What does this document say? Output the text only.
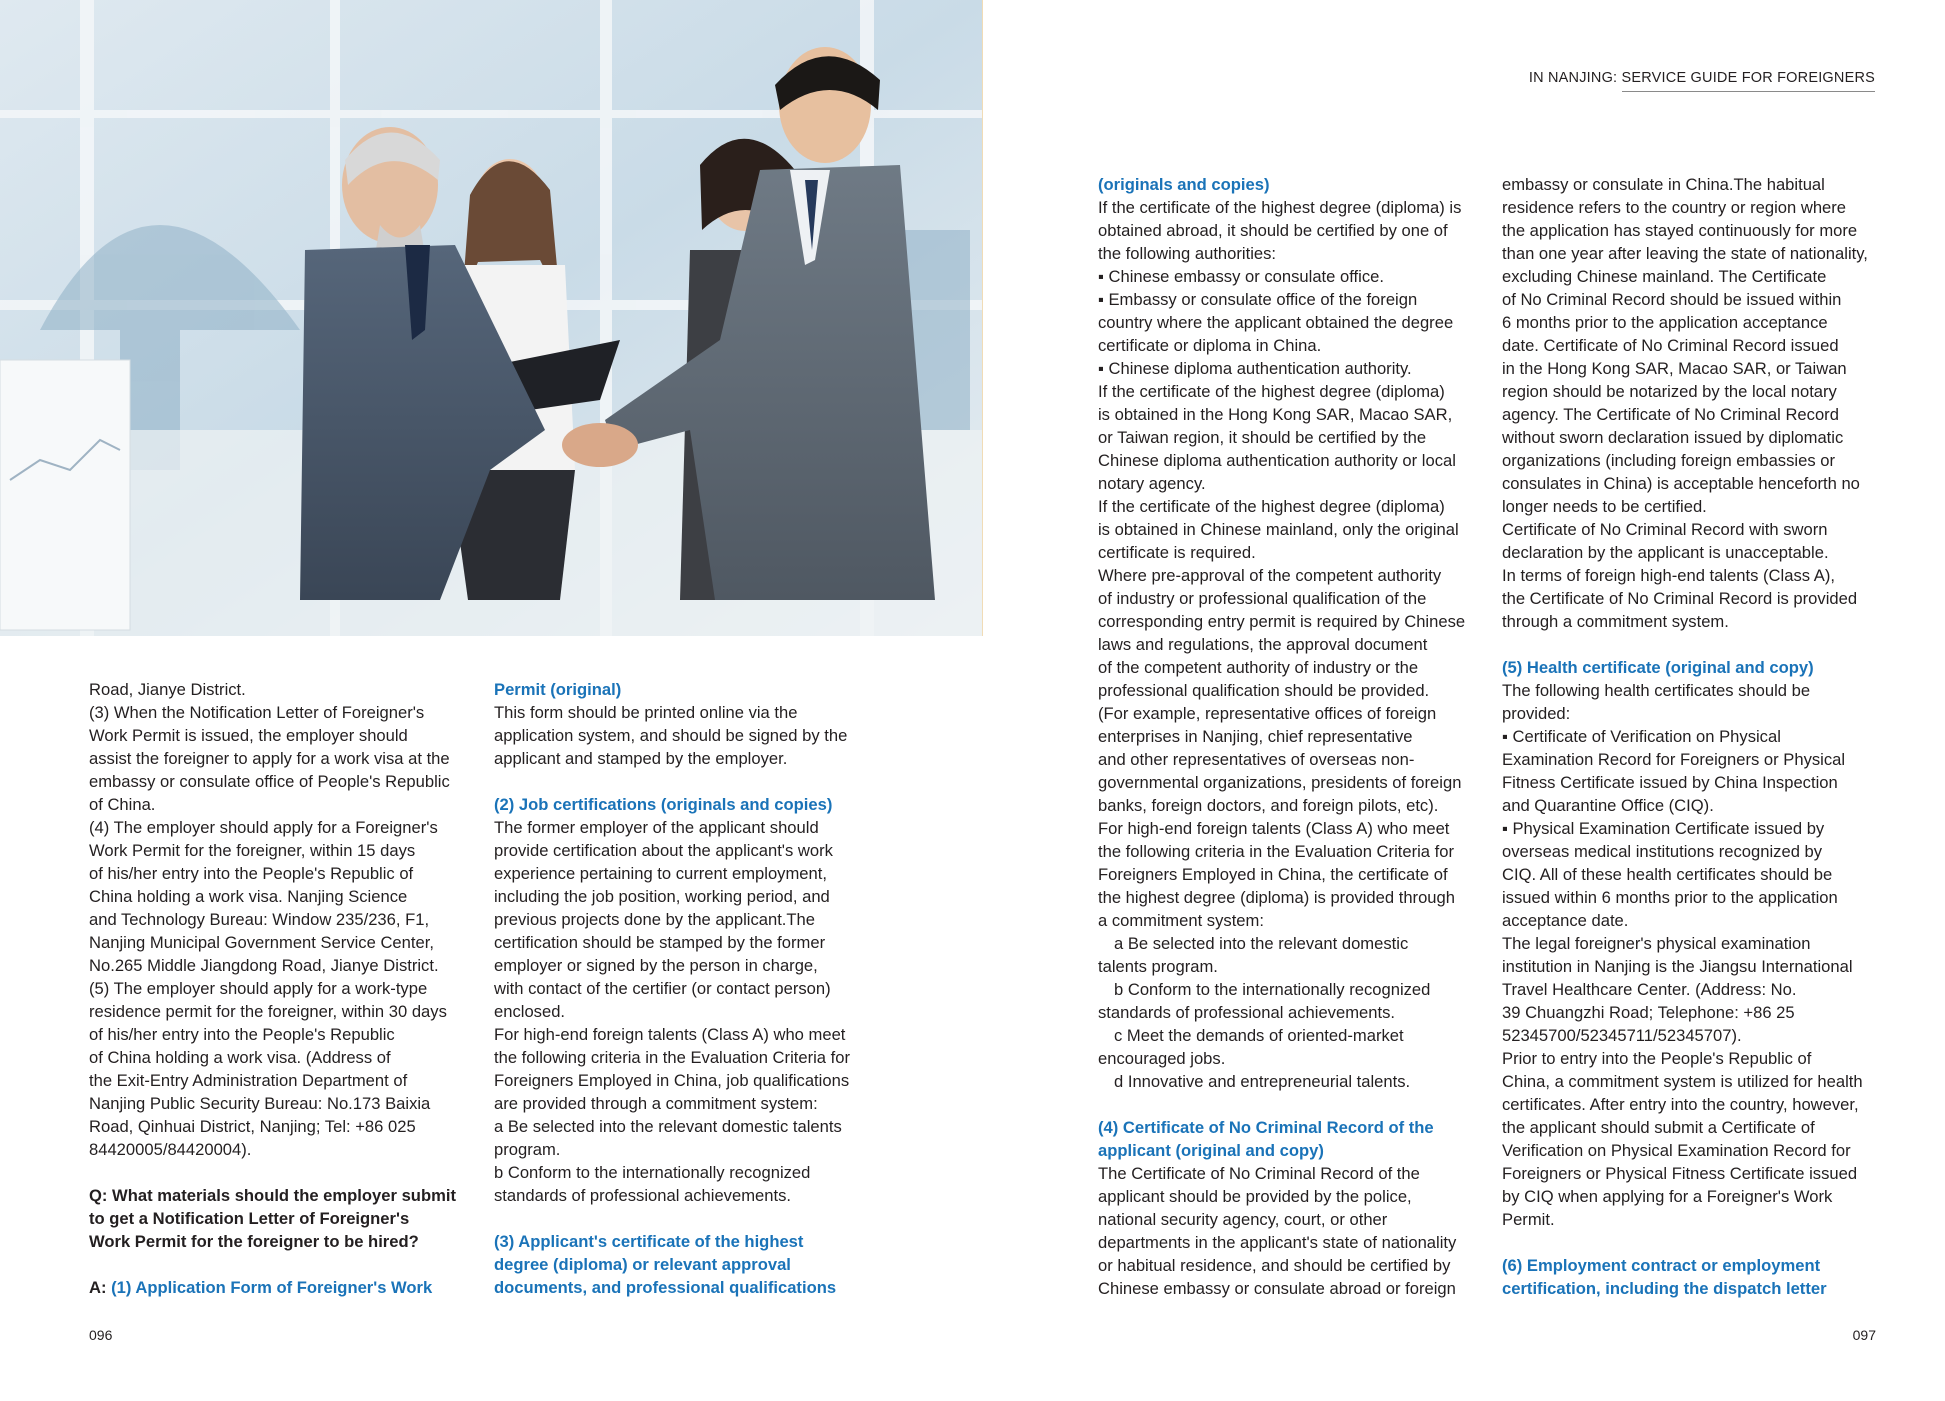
IN NANJING: SERVICE GUIDE FOR FOREIGNERS

Road, Jianye District.

(3) When the Notification Letter of Foreigner's

Work Permit is issued, the employer should

assist the foreigner to apply for a work visa at the

embassy or consulate office of People's Republic

of China.

(4) The employer should apply for a Foreigner's

Work Permit for the foreigner, within 15 days

of his/her entry into the People's Republic of

China holding a work visa. Nanjing Science

and Technology Bureau: Window 235/236, F1,

Nanjing Municipal Government Service Center,

No.265 Middle Jiangdong Road, Jianye District.

(5) The employer should apply for a work-type

residence permit for the foreigner, within 30 days

of his/her entry into the People's Republic

of China holding a work visa. (Address of

the Exit-Entry Administration Department of

Nanjing Public Security Bureau: No.173 Baixia

Road, Qinhuai District, Nanjing; Tel: +86 025

84420005/84420004).

Q: What materials should the employer submit

to get a Notification Letter of Foreigner's

Work Permit for the foreigner to be hired?

A: (1) Application Form of Foreigner's Work

Permit (original)

This form should be printed online via the

application system, and should be signed by the

applicant and stamped by the employer.

(2) Job certifications (originals and copies)

The former employer of the applicant should

provide certification about the applicant's work

experience pertaining to current employment,

including the job position, working period, and

previous projects done by the applicant.The

certification should be stamped by the former

employer or signed by the person in charge,

with contact of the certifier (or contact person)

enclosed.

For high-end foreign talents (Class A) who meet

the following criteria in the Evaluation Criteria for

Foreigners Employed in China, job qualifications

are provided through a commitment system:

a Be selected into the relevant domestic talents

program.

b Conform to the internationally recognized

standards of professional achievements.

(3) Applicant's certificate of the highest

degree (diploma) or relevant approval

documents, and professional qualifications

(originals and copies)

If the certificate of the highest degree (diploma) is

obtained abroad, it should be certified by one of

the following authorities:

▪ Chinese embassy or consulate office.

▪ Embassy or consulate office of the foreign

country where the applicant obtained the degree

certificate or diploma in China.

▪ Chinese diploma authentication authority.

If the certificate of the highest degree (diploma)

is obtained in the Hong Kong SAR, Macao SAR,

or Taiwan region, it should be certified by the

Chinese diploma authentication authority or local

notary agency.

If the certificate of the highest degree (diploma)

is obtained in Chinese mainland, only the original

certificate is required.

Where pre-approval of the competent authority

of industry or professional qualification of the

corresponding entry permit is required by Chinese

laws and regulations, the approval document

of the competent authority of industry or the

professional qualification should be provided.

(For example, representative offices of foreign

enterprises in Nanjing, chief representative

and other representatives of overseas non-

governmental organizations, presidents of foreign

banks, foreign doctors, and foreign pilots, etc).

For high-end foreign talents (Class A) who meet

the following criteria in the Evaluation Criteria for

Foreigners Employed in China, the certificate of

the highest degree (diploma) is provided through

a commitment system:

a Be selected into the relevant domestic

talents program.

b Conform to the internationally recognized

standards of professional achievements.

c Meet the demands of oriented-market

encouraged jobs.

d Innovative and entrepreneurial talents.

(4) Certificate of No Criminal Record of the

applicant (original and copy)

The Certificate of No Criminal Record of the

applicant should be provided by the police,

national security agency, court, or other

departments in the applicant's state of nationality

or habitual residence, and should be certified by

Chinese embassy or consulate abroad or foreign

embassy or consulate in China.The habitual

residence refers to the country or region where

the application has stayed continuously for more

than one year after leaving the state of nationality,

excluding Chinese mainland. The Certificate

of No Criminal Record should be issued within

6 months prior to the application acceptance

date. Certificate of No Criminal Record issued

in the Hong Kong SAR, Macao SAR, or Taiwan

region should be notarized by the local notary

agency. The Certificate of No Criminal Record

without sworn declaration issued by diplomatic

organizations (including foreign embassies or

consulates in China) is acceptable henceforth no

longer needs to be certified.

Certificate of No Criminal Record with sworn

declaration by the applicant is unacceptable.

In terms of foreign high-end talents (Class A),

the Certificate of No Criminal Record is provided

through a commitment system.

(5) Health certificate (original and copy)

The following health certificates should be

provided:

▪ Certificate of Verification on Physical

Examination Record for Foreigners or Physical

Fitness Certificate issued by China Inspection

and Quarantine Office (CIQ).

▪ Physical Examination Certificate issued by

overseas medical institutions recognized by

CIQ. All of these health certificates should be

issued within 6 months prior to the application

acceptance date.

The legal foreigner's physical examination

institution in Nanjing is the Jiangsu International

Travel Healthcare Center. (Address: No.

39 Chuangzhi Road; Telephone: +86 25

52345700/52345711/52345707).

Prior to entry into the People's Republic of

China, a commitment system is utilized for health

certificates. After entry into the country, however,

the applicant should submit a Certificate of

Verification on Physical Examination Record for

Foreigners or Physical Fitness Certificate issued

by CIQ when applying for a Foreigner's Work

Permit.

(6) Employment contract or employment

certification, including the dispatch letter

096	097
